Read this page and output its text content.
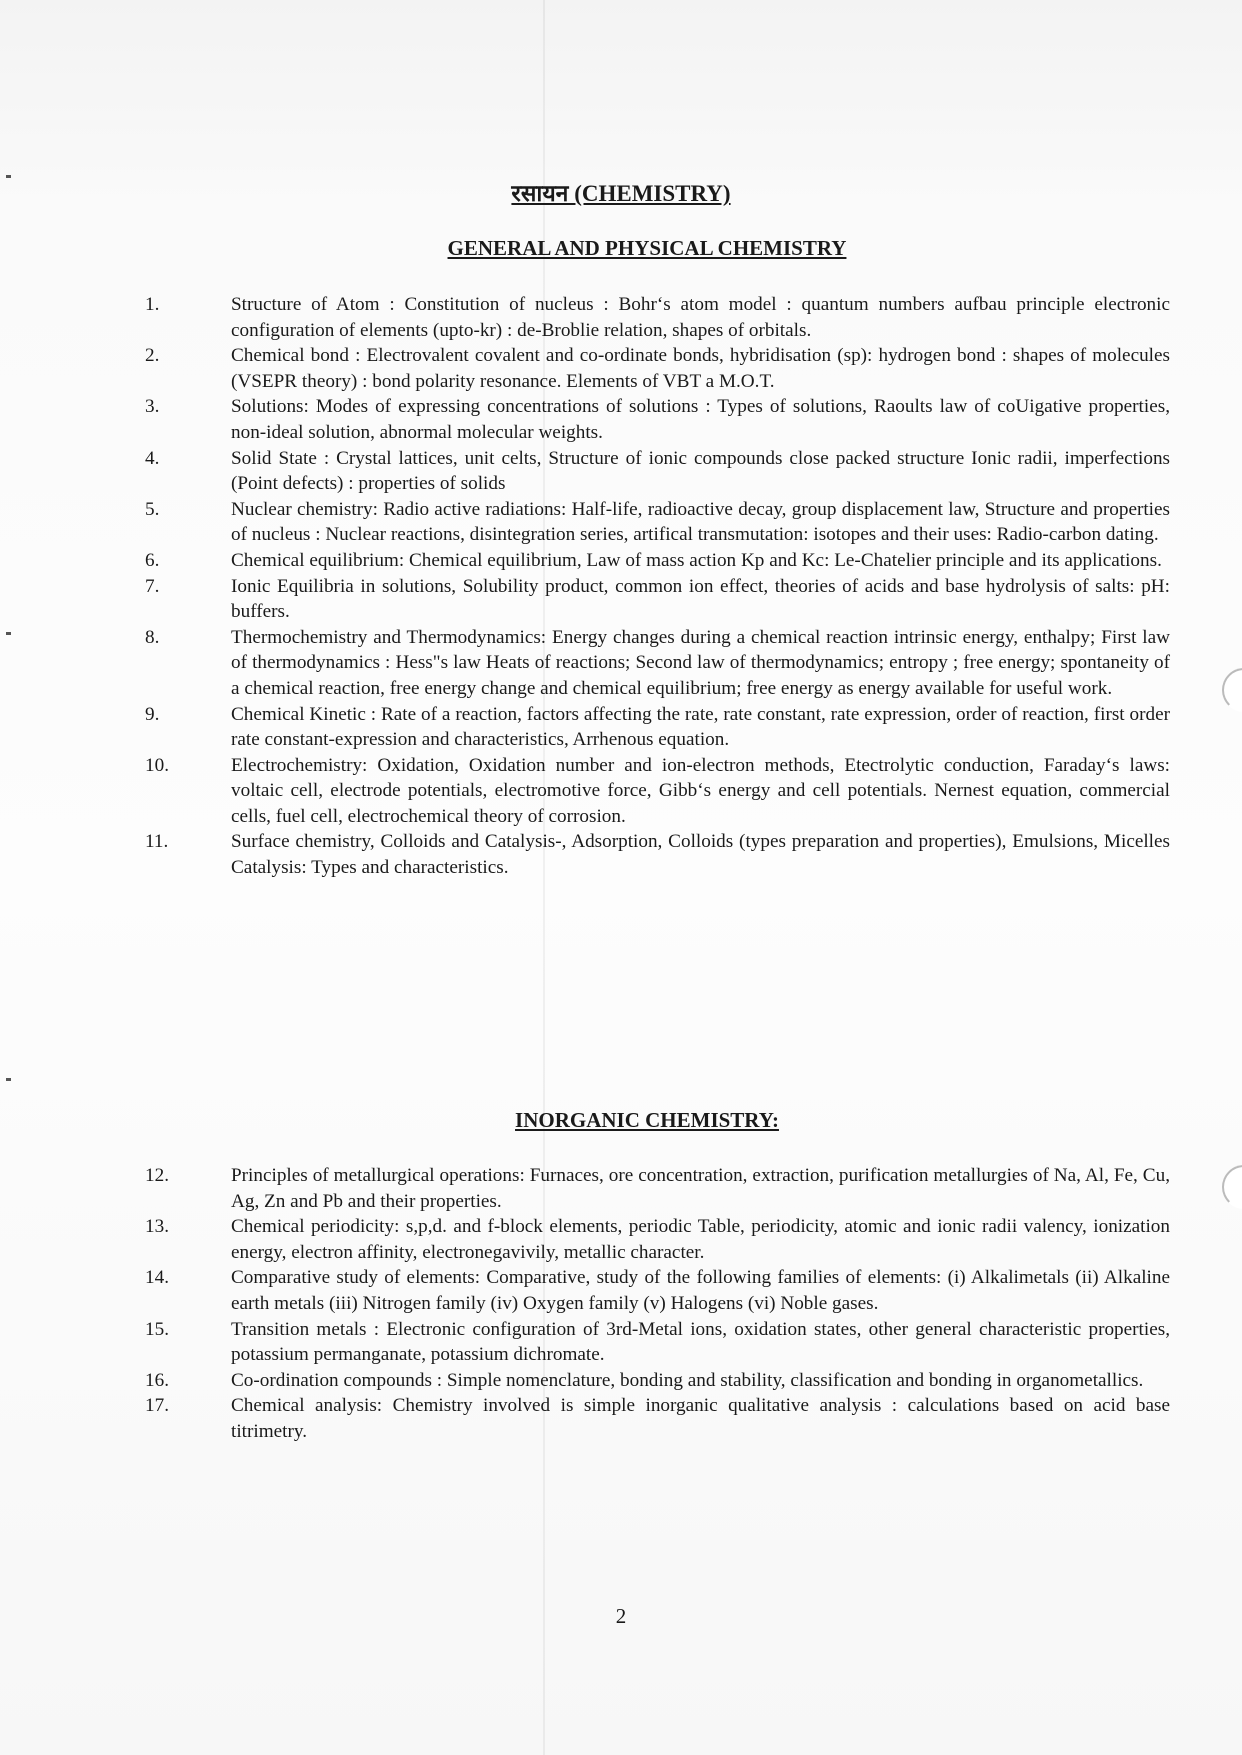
रसायन (CHEMISTRY)
GENERAL AND PHYSICAL CHEMISTRY
1.	Structure of Atom : Constitution of nucleus : Bohr‘s atom model : quantum numbers aufbau principle electronic configuration of elements (upto-kr) : de-Broblie relation, shapes of orbitals.
2.	Chemical bond : Electrovalent covalent and co-ordinate bonds, hybridisation (sp): hydrogen bond : shapes of molecules (VSEPR theory) : bond polarity resonance. Elements of VBT a M.O.T.
3.	Solutions: Modes of expressing concentrations of solutions : Types of solutions, Raoults law of coUigative properties, non-ideal solution, abnormal molecular weights.
4.	Solid State : Crystal lattices, unit celts, Structure of ionic compounds close packed structure Ionic radii, imperfections (Point defects) : properties of solids
5.	Nuclear chemistry: Radio active radiations: Half-life, radioactive decay, group displacement law, Structure and properties of nucleus : Nuclear reactions, disintegration series, artifical transmutation: isotopes and their uses: Radio-carbon dating.
6.	Chemical equilibrium: Chemical equilibrium, Law of mass action Kp and Kc: Le-Chatelier principle and its applications.
7.	Ionic Equilibria in solutions, Solubility product, common ion effect, theories of acids and base hydrolysis of salts: pH: buffers.
8.	Thermochemistry and Thermodynamics: Energy changes during a chemical reaction intrinsic energy, enthalpy; First law of thermodynamics : Hess"s law Heats of reactions; Second law of thermodynamics; entropy ; free energy; spontaneity of a chemical reaction, free energy change and chemical equilibrium; free energy as energy available for useful work.
9.	Chemical Kinetic : Rate of a reaction, factors affecting the rate, rate constant, rate expression, order of reaction, first order rate constant-expression and characteristics, Arrhenous equation.
10.	Electrochemistry: Oxidation, Oxidation number and ion-electron methods, Etectrolytic conduction, Faraday‘s laws: voltaic cell, electrode potentials, electromotive force, Gibb‘s energy and cell potentials. Nernest equation, commercial cells, fuel cell, electrochemical theory of corrosion.
11.	Surface chemistry, Colloids and Catalysis-, Adsorption, Colloids (types preparation and properties), Emulsions, Micelles Catalysis: Types and characteristics.
INORGANIC CHEMISTRY:
12.	Principles of metallurgical operations: Furnaces, ore concentration, extraction, purification metallurgies of Na, Al, Fe, Cu, Ag, Zn and Pb and their properties.
13.	Chemical periodicity: s,p,d. and f-block elements, periodic Table, periodicity, atomic and ionic radii valency, ionization energy, electron affinity, electronegavivily, metallic character.
14.	Comparative study of elements: Comparative, study of the following families of elements: (i) Alkalimetals (ii) Alkaline earth metals (iii) Nitrogen family (iv) Oxygen family (v) Halogens (vi) Noble gases.
15.	Transition metals : Electronic configuration of 3rd-Metal ions, oxidation states, other general characteristic properties, potassium permanganate, potassium dichromate.
16.	Co-ordination compounds : Simple nomenclature, bonding and stability, classification and bonding in organometallics.
17.	Chemical analysis: Chemistry involved is simple inorganic qualitative analysis : calculations based on acid base titrimetry.
2
